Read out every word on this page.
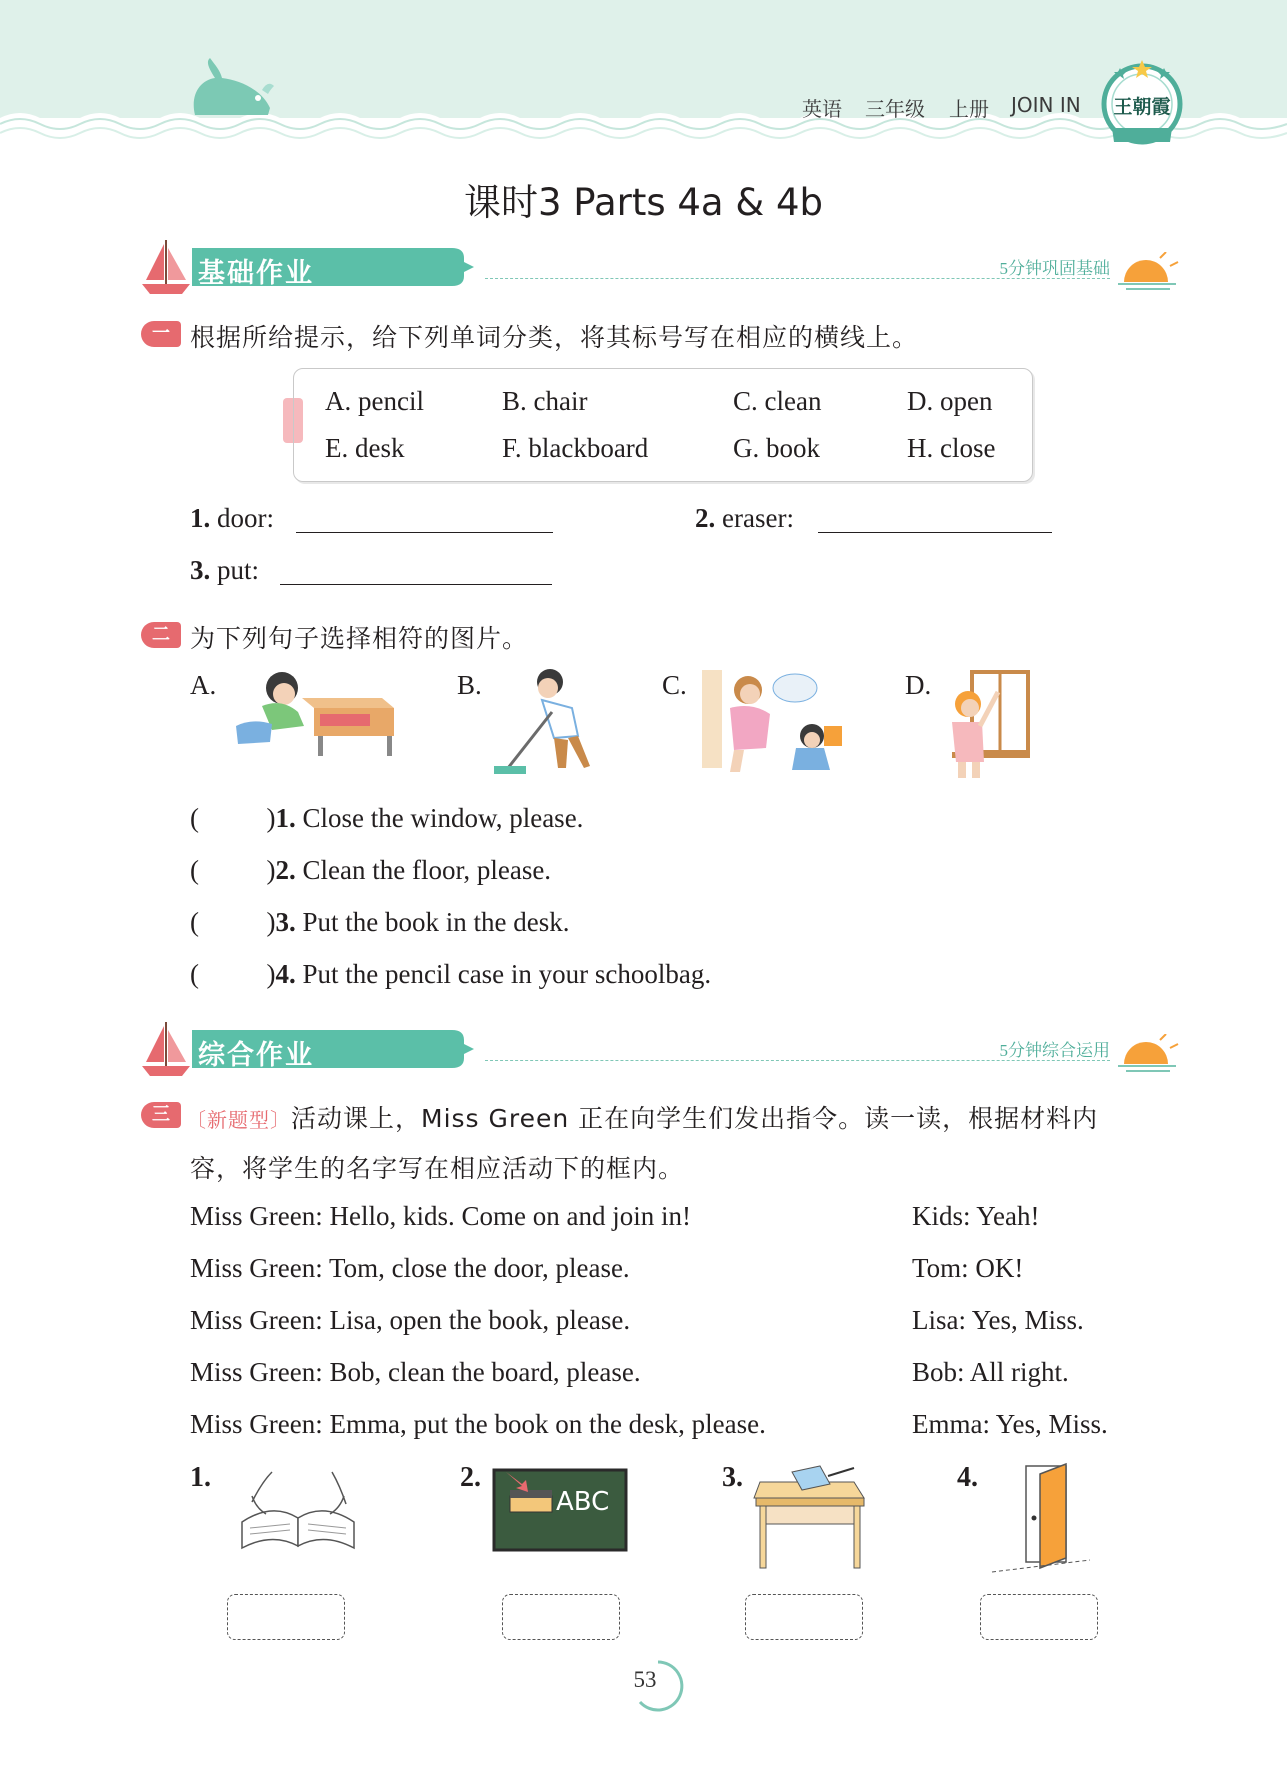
英语 三年级 上册 JOIN IN 王朝霞
课时3 Parts 4a & 4b
基础作业	5分钟巩固基础
一 根据所给提示，给下列单词分类，将其标号写在相应的横线上。
A. pencil	B. chair	C. clean	D. open
E. desk	F. blackboard	G. book	H. close
1. door:	2. eraser:
3. put:
二 为下列句子选择相符的图片。
A.	B.	C.	D.
(          )1. Close the window, please.
(          )2. Clean the floor, please.
(          )3. Put the book in the desk.
(          )4. Put the pencil case in your schoolbag.
综合作业	5分钟综合运用
三 〔新题型〕活动课上，Miss Green 正在向学生们发出指令。读一读，根据材料内
容，将学生的名字写在相应活动下的框内。
Miss Green: Hello, kids. Come on and join in!	Kids: Yeah!
Miss Green: Tom, close the door, please.	Tom: OK!
Miss Green: Lisa, open the book, please.	Lisa: Yes, Miss.
Miss Green: Bob, clean the board, please.	Bob: All right.
Miss Green: Emma, put the book on the desk, please.	Emma: Yes, Miss.
1.	2.	3.	4.
ABC
53
